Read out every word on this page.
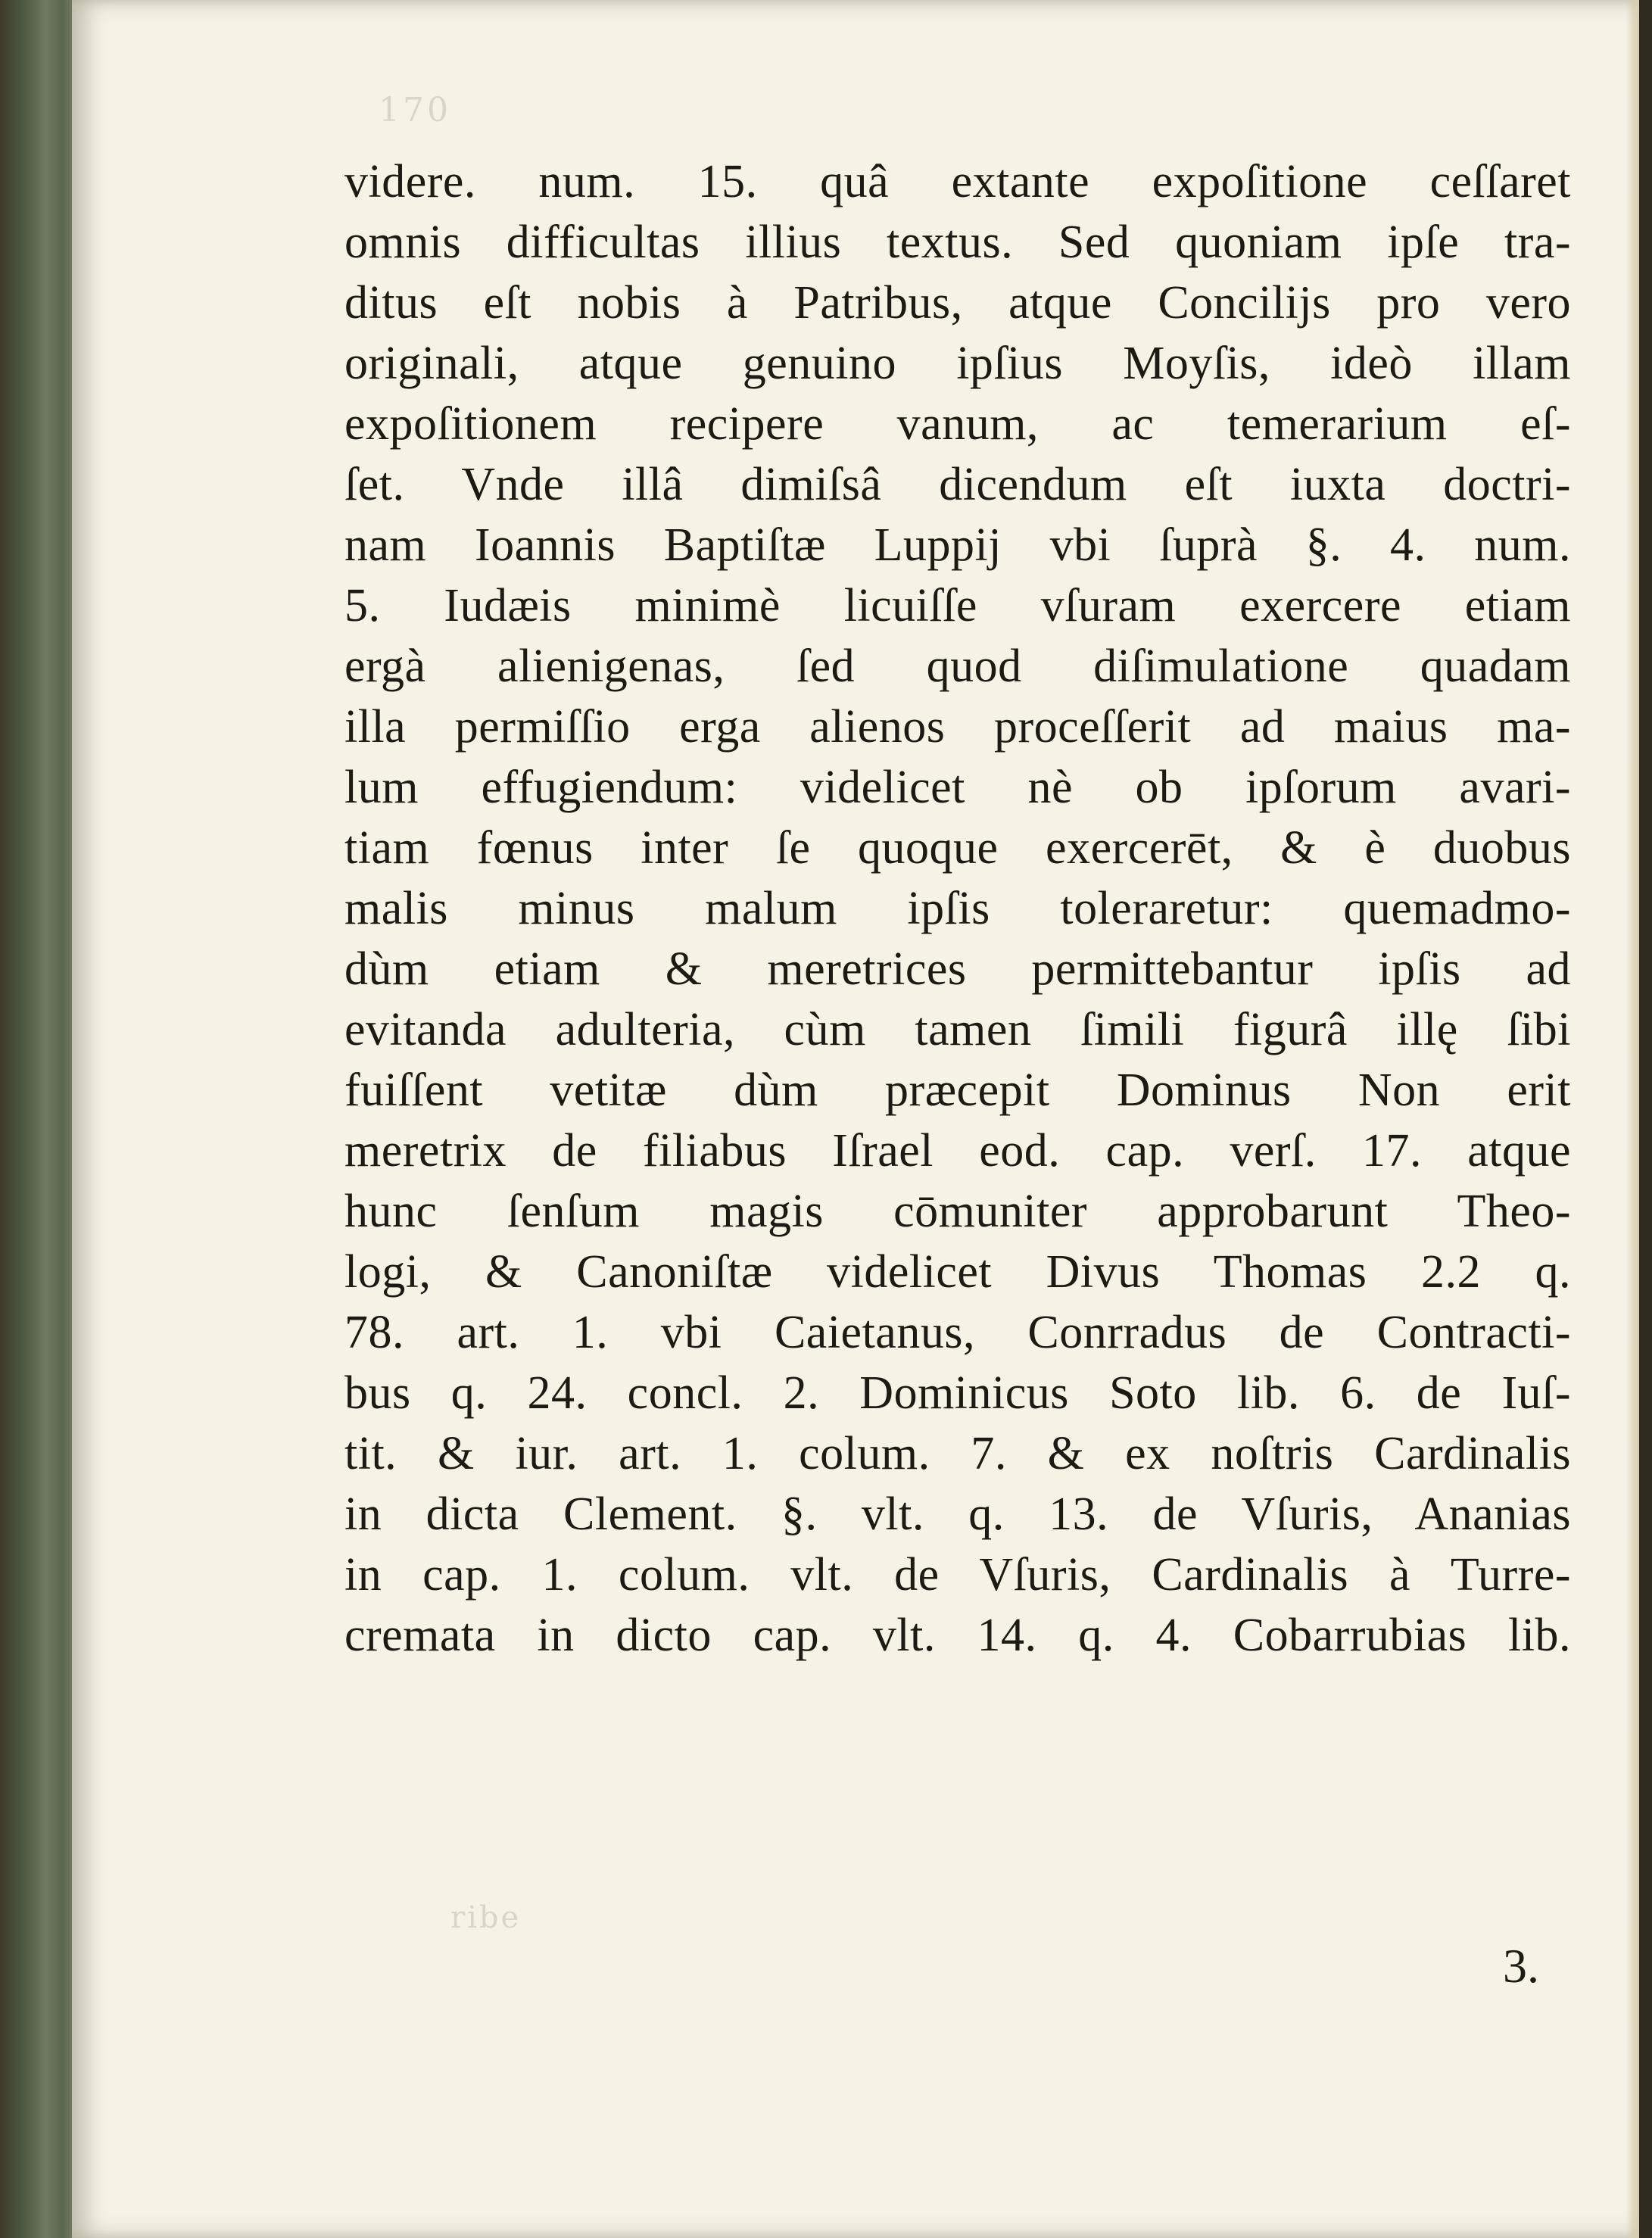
170
videre. num. 15. quâ extante expoſitione ceſſaret
omnis difficultas illius textus. Sed quoniam ipſe tra-
ditus eſt nobis à Patribus, atque Concilijs pro vero
originali, atque genuino ipſius Moyſis, ideò illam
expoſitionem recipere vanum, ac temerarium eſ-
ſet. Vnde illâ dimiſsâ dicendum eſt iuxta doctri-
nam Ioannis Baptiſtæ Luppij vbi ſuprà §. 4. num.
5. Iudæis minimè licuiſſe vſuram exercere etiam
ergà alienigenas, ſed quod diſimulatione quadam
illa permiſſio erga alienos proceſſerit ad maius ma-
lum effugiendum: videlicet nè ob ipſorum avari-
tiam fœnus inter ſe quoque exercerēt, & è duobus
malis minus malum ipſis toleraretur: quemadmo-
dùm etiam & meretrices permittebantur ipſis ad
evitanda adulteria, cùm tamen ſimili figurâ illę ſibi
fuiſſent vetitæ dùm præcepit Dominus Non erit
meretrix de filiabus Iſrael eod. cap. verſ. 17. atque
hunc ſenſum magis cōmuniter approbarunt Theo-
logi, & Canoniſtæ videlicet Divus Thomas 2.2 q.
78. art. 1. vbi Caietanus, Conrradus de Contracti-
bus q. 24. concl. 2. Dominicus Soto lib. 6. de Iuſ-
tit. & iur. art. 1. colum. 7. & ex noſtris Cardinalis
in dicta Clement. §. vlt. q. 13. de Vſuris, Ananias
in cap. 1. colum. vlt. de Vſuris, Cardinalis à Turre-
cremata in dicto cap. vlt. 14. q. 4. Cobarrubias lib.
ribe
3.
